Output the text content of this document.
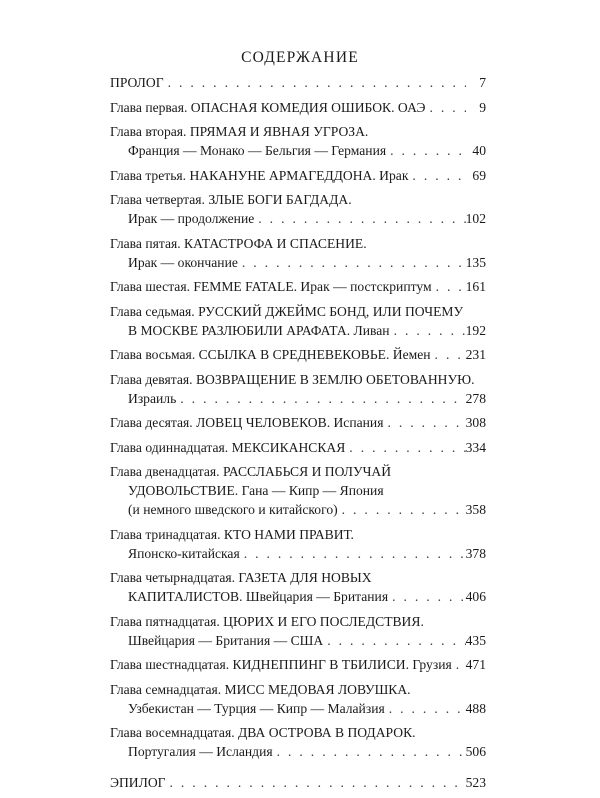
СОДЕРЖАНИЕ
ПРОЛОГ . . .	7
Глава первая. ОПАСНАЯ КОМЕДИЯ ОШИБОК. ОАЭ . . .	9
Глава вторая. ПРЯМАЯ И ЯВНАЯ УГРОЗА.
Франция — Монако — Бельгия — Германия . . .	40
Глава третья. НАКАНУНЕ АРМАГЕДДОНА. Ирак . . .	69
Глава четвертая. ЗЛЫЕ БОГИ БАГДАДА.
Ирак — продолжение . . .	102
Глава пятая. КАТАСТРОФА И СПАСЕНИЕ.
Ирак — окончание . . .	135
Глава шестая. FEMME FATALE. Ирак — постскриптум . . .	161
Глава седьмая. РУССКИЙ ДЖЕЙМС БОНД, ИЛИ ПОЧЕМУ
В МОСКВЕ РАЗЛЮБИЛИ АРАФАТА. Ливан . . .	192
Глава восьмая. ССЫЛКА В СРЕДНЕВЕКОВЬЕ. Йемен . . .	231
Глава девятая. ВОЗВРАЩЕНИЕ В ЗЕМЛЮ ОБЕТОВАННУЮ.
Израиль . . .	278
Глава десятая. ЛОВЕЦ ЧЕЛОВЕКОВ. Испания . . .	308
Глава одиннадцатая. МЕКСИКАНСКАЯ . . .	334
Глава двенадцатая. РАССЛАБЬСЯ И ПОЛУЧАЙ
УДОВОЛЬСТВИЕ. Гана — Кипр — Япония
(и немного шведского и китайского) . . .	358
Глава тринадцатая. КТО НАМИ ПРАВИТ.
Японско-китайская . . .	378
Глава четырнадцатая. ГАЗЕТА ДЛЯ НОВЫХ
КАПИТАЛИСТОВ. Швейцария — Британия . . .	406
Глава пятнадцатая. ЦЮРИХ И ЕГО ПОСЛЕДСТВИЯ.
Швейцария — Британия — США . . .	435
Глава шестнадцатая. КИДНЕППИНГ В ТБИЛИСИ. Грузия . . . 471
Глава семнадцатая. МИСС МЕДОВАЯ ЛОВУШКА.
Узбекистан — Турция — Кипр — Малайзия . . .	488
Глава восемнадцатая. ДВА ОСТРОВА В ПОДАРОК.
Португалия — Исландия . . .	506
ЭПИЛОГ . . .	523
